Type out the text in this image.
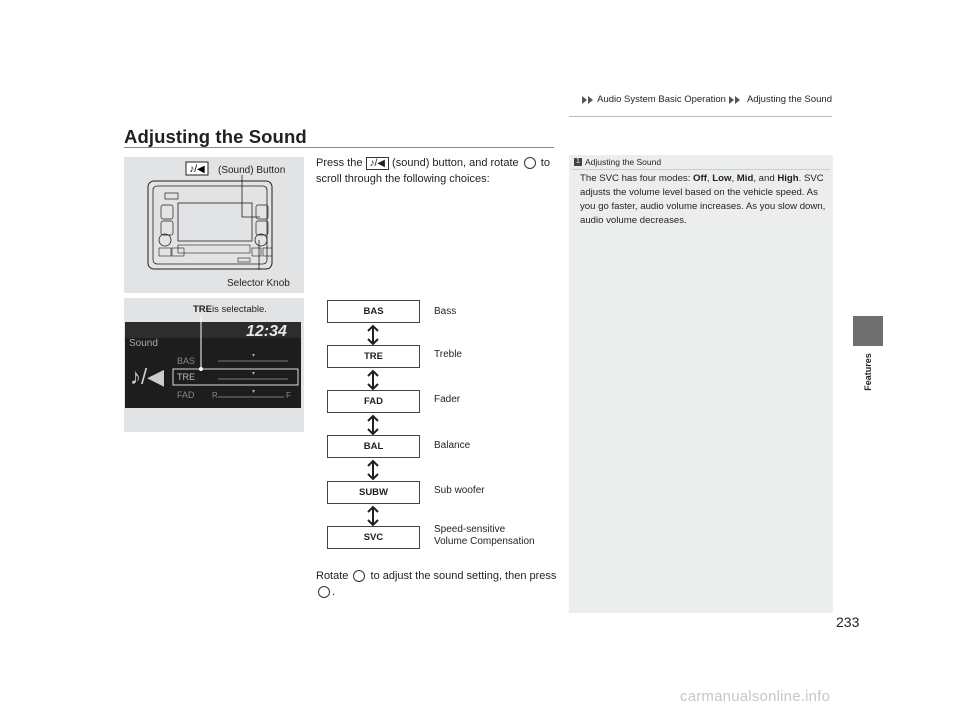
Audio System Basic Operation Adjusting the Sound
Adjusting the Sound
Features
♪/◀ (Sound) Button
Selector Knob
TRE is selectable.
Sound
12:34
♪/◀
BAS
TRE
FAD R	F
Press the ♪/◀ (sound) button, and rotate  to scroll through the following choices:
BAS	Bass
TRE	Treble
FAD	Fader
BAL	Balance
SUBW	Sub woofer
SVC
Speed-sensitive
Volume Compensation
Rotate  to adjust the sound setting, then press .
1 Adjusting the Sound
The SVC has four modes: Off, Low, Mid, and High. SVC adjusts the volume level based on the vehicle speed. As you go faster, audio volume increases. As you slow down, audio volume decreases.
233
carmanualsonline.info
